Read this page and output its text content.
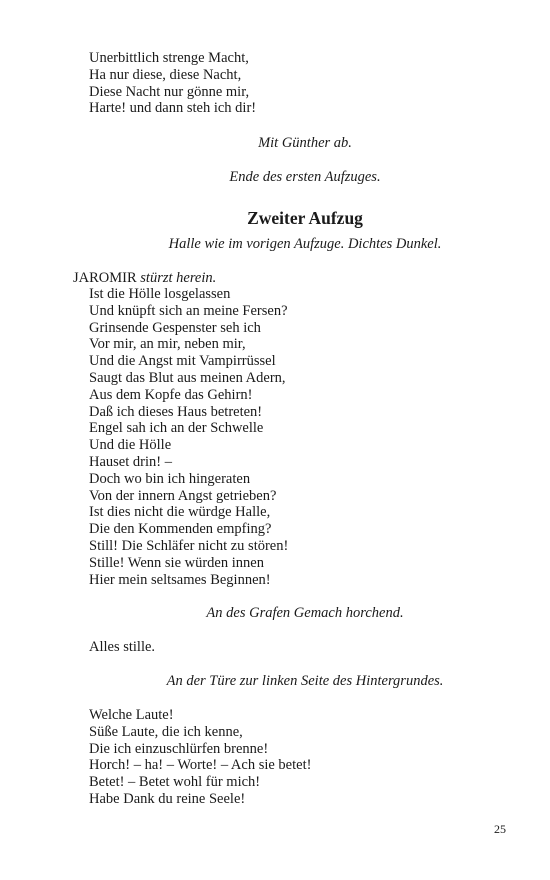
Unerbittlich strenge Macht,
Ha nur diese, diese Nacht,
Diese Nacht nur gönne mir,
Harte! und dann steh ich dir!
Mit Günther ab.
Ende des ersten Aufzuges.
Zweiter Aufzug
Halle wie im vorigen Aufzuge. Dichtes Dunkel.
JAROMIR stürzt herein.
Ist die Hölle losgelassen
Und knüpft sich an meine Fersen?
Grinsende Gespenster seh ich
Vor mir, an mir, neben mir,
Und die Angst mit Vampirrüssel
Saugt das Blut aus meinen Adern,
Aus dem Kopfe das Gehirn!
Daß ich dieses Haus betreten!
Engel sah ich an der Schwelle
Und die Hölle
Hauset drin! –
Doch wo bin ich hingeraten
Von der innern Angst getrieben?
Ist dies nicht die würdge Halle,
Die den Kommenden empfing?
Still! Die Schläfer nicht zu stören!
Stille! Wenn sie würden innen
Hier mein seltsames Beginnen!
An des Grafen Gemach horchend.
Alles stille.
An der Türe zur linken Seite des Hintergrundes.
Welche Laute!
Süße Laute, die ich kenne,
Die ich einzuschlürfen brenne!
Horch! – ha! – Worte! – Ach sie betet!
Betet! – Betet wohl für mich!
Habe Dank du reine Seele!
25
